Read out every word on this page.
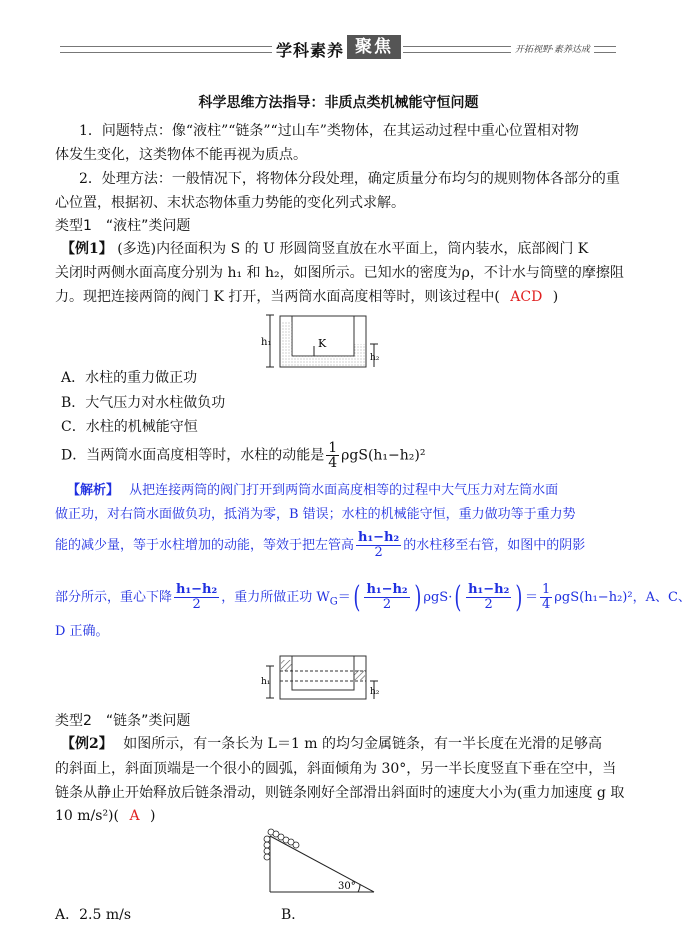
学科素养 聚焦	开拓视野·素养达成
科学思维方法指导：非质点类机械能守恒问题
1．问题特点：像“液柱”“链条”“过山车”类物体，在其运动过程中重心位置相对物
体发生变化，这类物体不能再视为质点。
2．处理方法：一般情况下，将物体分段处理，确定质量分布均匀的规则物体各部分的重
心位置，根据初、末状态物体重力势能的变化列式求解。
类型1　“液柱”类问题
【例1】 (多选)内径面积为 S 的 U 形圆筒竖直放在水平面上，筒内装水，底部阀门 K
关闭时两侧水面高度分别为 h₁ 和 h₂，如图所示。已知水的密度为ρ，不计水与筒壁的摩擦阻
力。现把连接两筒的阀门 K 打开，当两筒水面高度相等时，则该过程中( ACD )
h₁	K
h₂
A．水柱的重力做正功
B．大气压力对水柱做负功
C．水柱的机械能守恒
D．当两筒水面高度相等时，水柱的动能是 $\frac{1}{4} \rho gS(h_1-h_2)^2$
【解析】 从把连接两筒的阀门打开到两筒水面高度相等的过程中大气压力对左筒水面
做正功，对右筒水面做负功，抵消为零，B 错误；水柱的机械能守恒，重力做功等于重力势
能的减少量，等于水柱增加的动能，等效于把左管高 $\frac{\text{h₁−h₂}}{2}$ 的水柱移至右管，如图中的阴影
部分所示，重心下降 $\frac{\text{h₁−h₂}}{2}$ ，重力所做正功 $W_G=( \frac{\text{h₁−h₂}}{2}$ ) $\rho gS\cdot( \frac{\text{h₁−h₂}}{2}$ ) ＝ $\frac{1}{4} \rho gS(h_1-h_2)^2$，A、C、
D 正确。
h₁
h₂
类型2　“链条”类问题
【例2】 如图所示，有一条长为 L＝1 m 的均匀金属链条，有一半长度在光滑的足够高
的斜面上，斜面顶端是一个很小的圆弧，斜面倾角为 30°，另一半长度竖直下垂在空中，当
链条从静止开始释放后链条滑动，则链条刚好全部滑出斜面时的速度大小为(重力加速度 g 取
10 m/s²)( A )
30°
A．2.5 m/s	B．
